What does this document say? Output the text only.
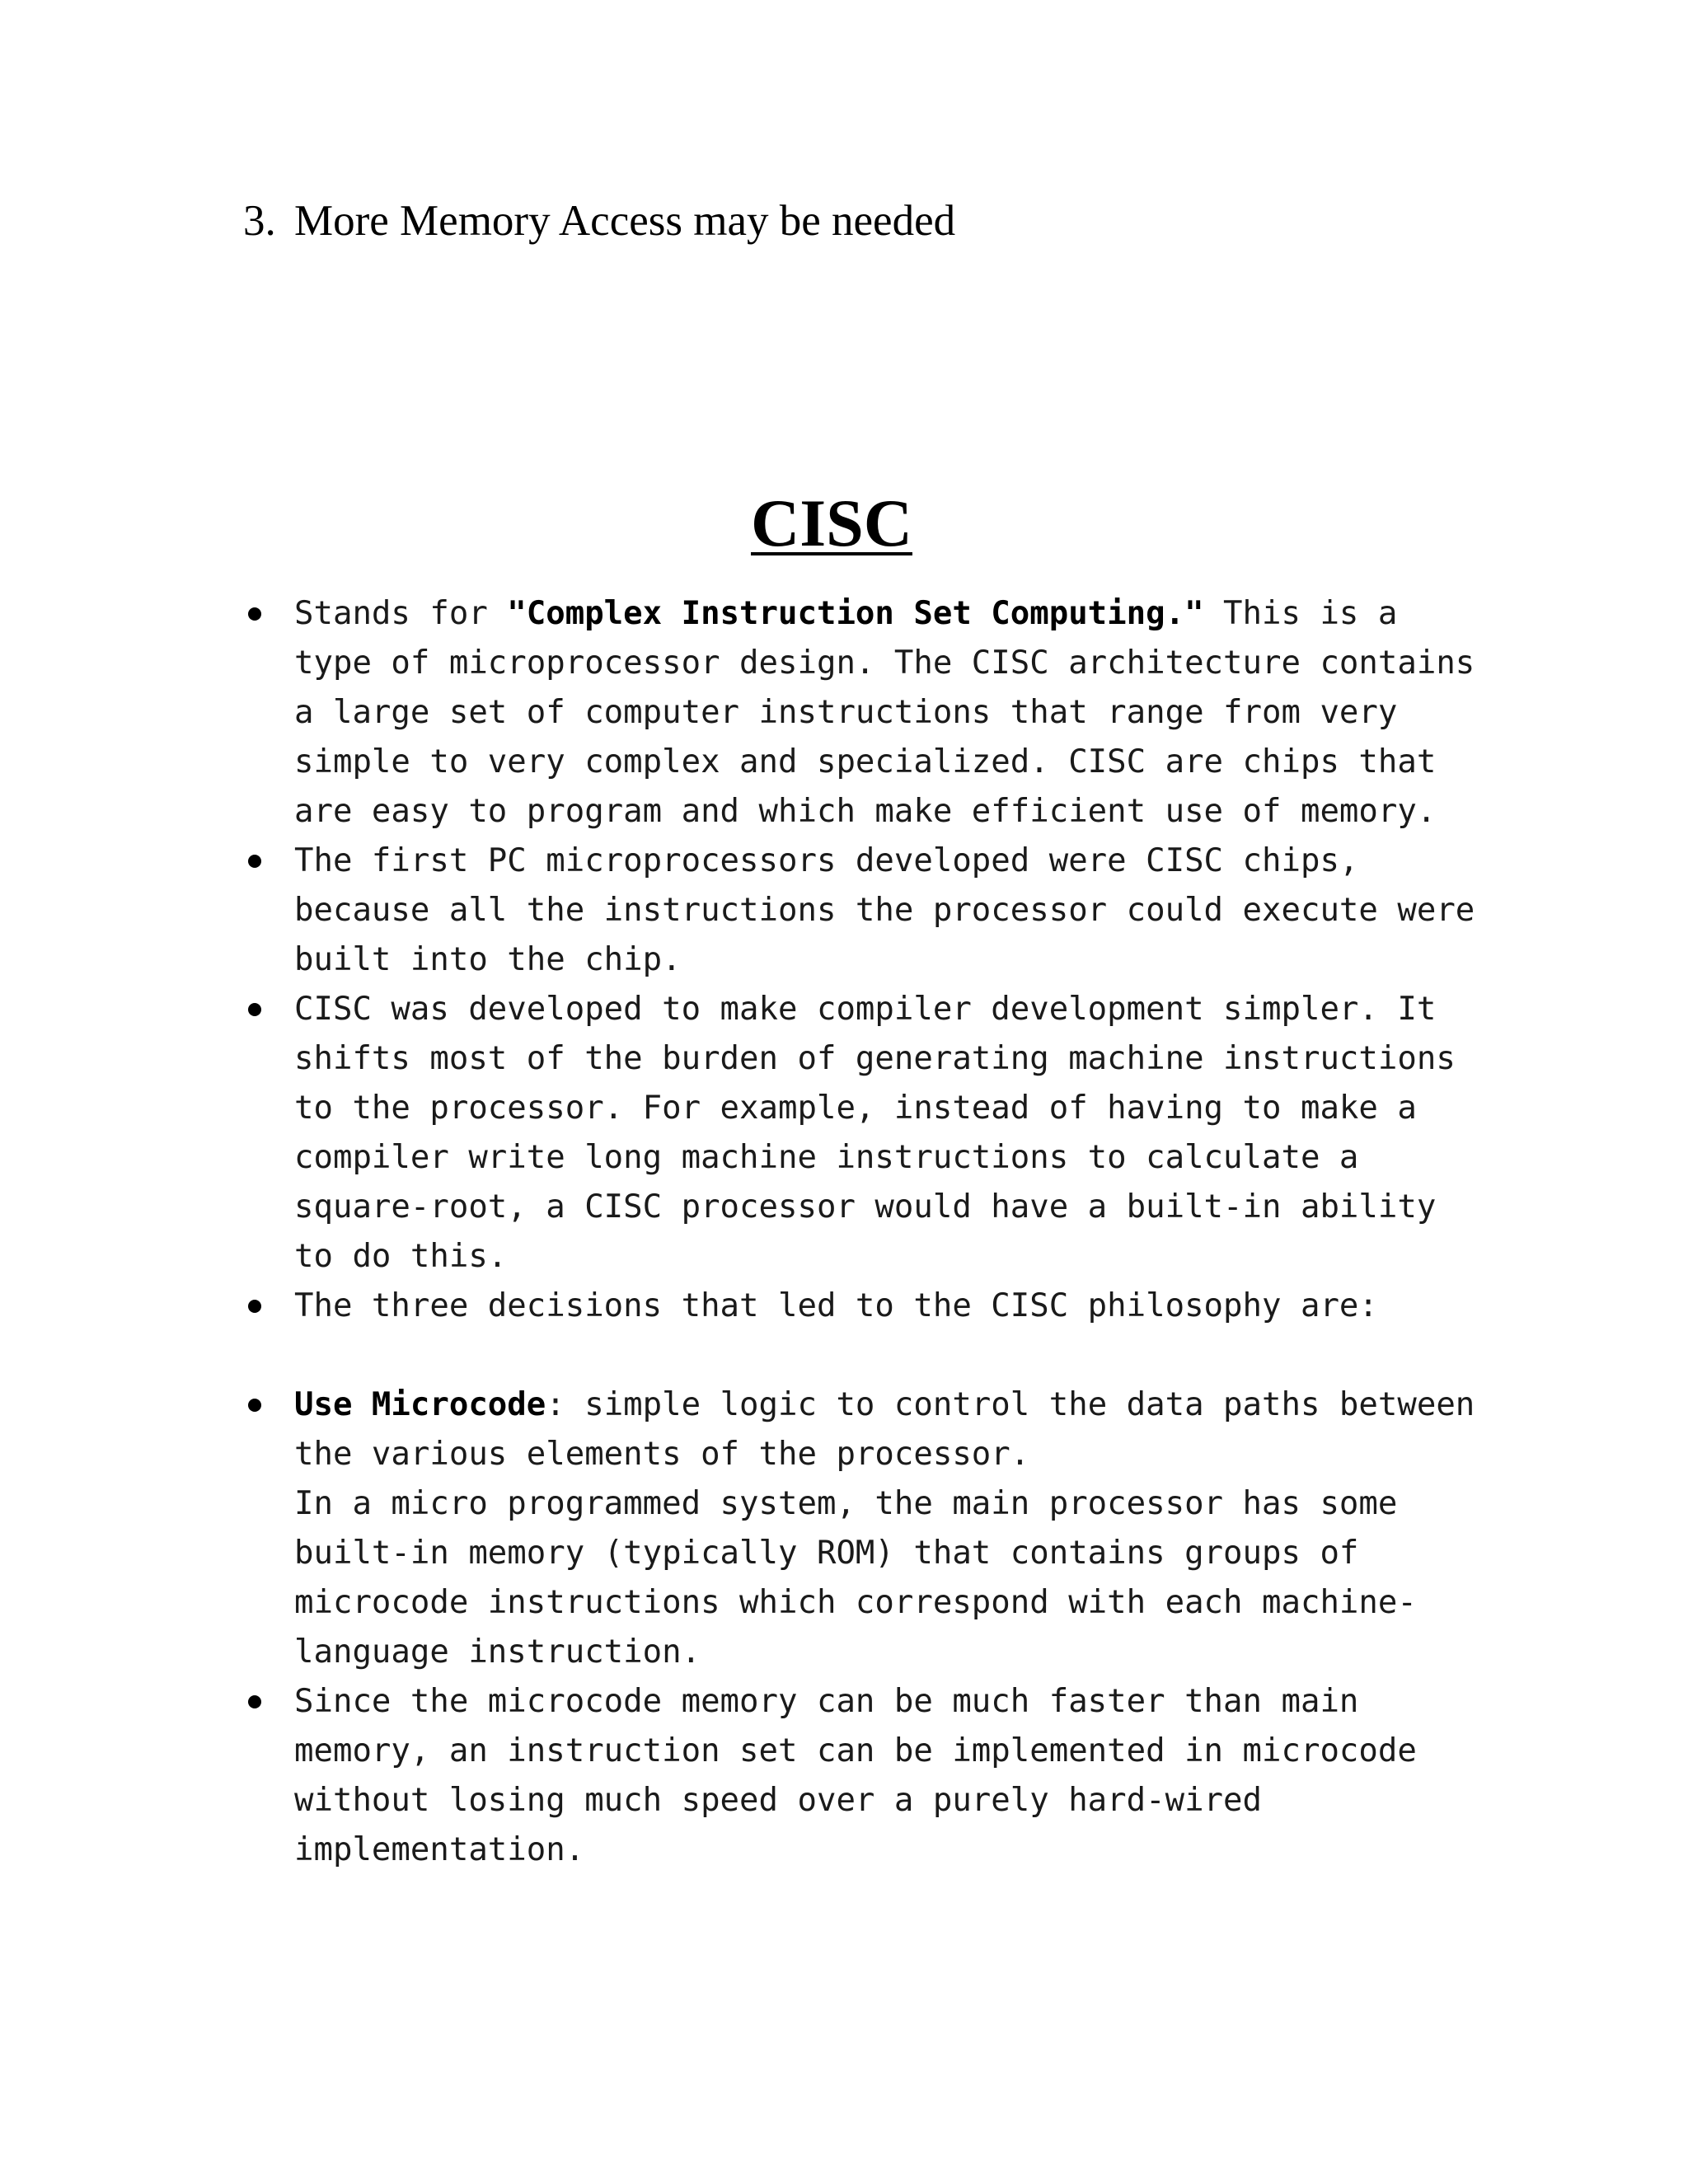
3. More Memory Access may be needed
CISC
Stands for "Complex Instruction Set Computing." This is a
type of microprocessor design. The CISC architecture contains
a large set of computer instructions that range from very
simple to very complex and specialized. CISC are chips that
are easy to program and which make efficient use of memory.
The first PC microprocessors developed were CISC chips,
because all the instructions the processor could execute were
built into the chip.
CISC was developed to make compiler development simpler. It
shifts most of the burden of generating machine instructions
to the processor. For example, instead of having to make a
compiler write long machine instructions to calculate a
square-root, a CISC processor would have a built-in ability
to do this.
The three decisions that led to the CISC philosophy are:
Use Microcode: simple logic to control the data paths between
the various elements of the processor.
In a micro programmed system, the main processor has some
built-in memory (typically ROM) that contains groups of
microcode instructions which correspond with each machine-
language instruction.
Since the microcode memory can be much faster than main
memory, an instruction set can be implemented in microcode
without losing much speed over a purely hard-wired
implementation.
